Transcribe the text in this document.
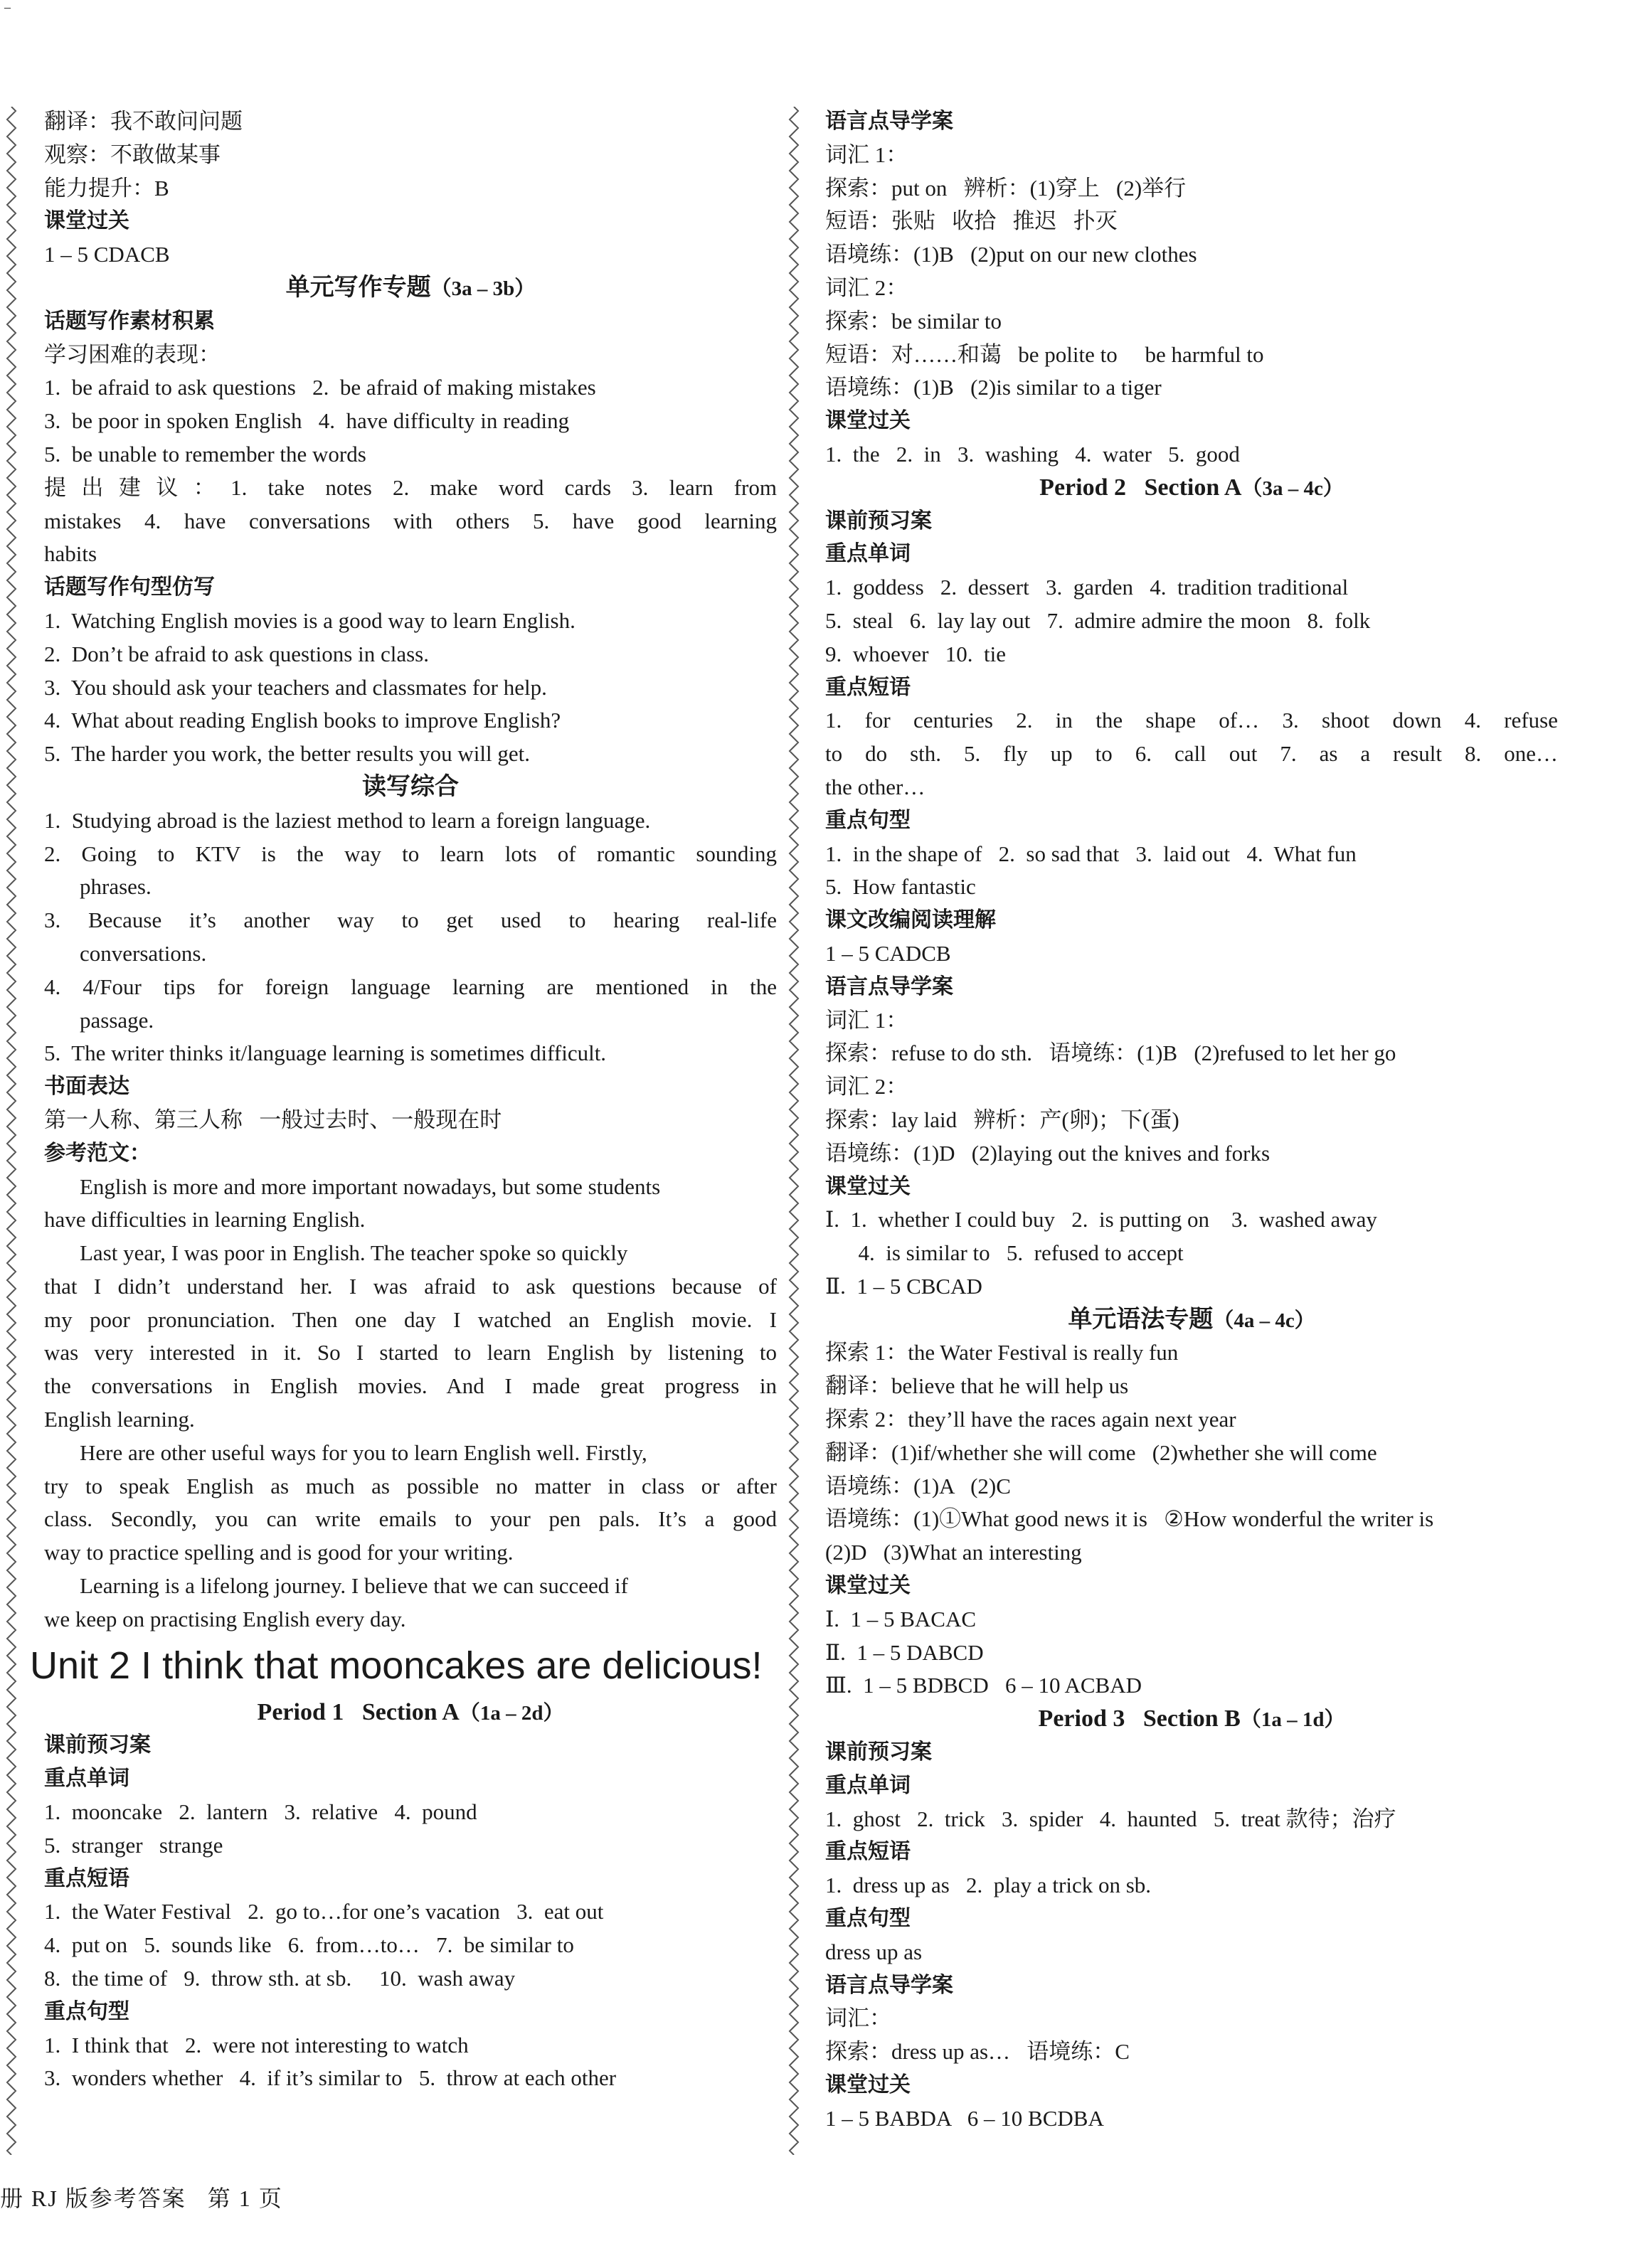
–
翻译：我不敢问问题
观察：不敢做某事
能力提升：B
课堂过关
1 – 5 CDACB
单元写作专题（3a – 3b）
话题写作素材积累
学习困难的表现：
1.  be afraid to ask questions   2.  be afraid of making mistakes
3.  be poor in spoken English   4.  have difficulty in reading
5.  be unable to remember the words
提出建议：1. take notes 2. make word cards 3. learn from
mistakes 4. have conversations with others 5. have good learning
habits
话题写作句型仿写
1.  Watching English movies is a good way to learn English.
2.  Don’t be afraid to ask questions in class.
3.  You should ask your teachers and classmates for help.
4.  What about reading English books to improve English?
5.  The harder you work, the better results you will get.
读写综合
1.  Studying abroad is the laziest method to learn a foreign language.
2. Going to KTV is the way to learn lots of romantic sounding
phrases.
3. Because it’s another way to get used to hearing real-life
conversations.
4. 4/Four tips for foreign language learning are mentioned in the
passage.
5.  The writer thinks it/language learning is sometimes difficult.
书面表达
第一人称、第三人称   一般过去时、一般现在时
参考范文：
English is more and more important nowadays, but some students
have difficulties in learning English.
Last year, I was poor in English. The teacher spoke so quickly
that I didn’t understand her. I was afraid to ask questions because of
my poor pronunciation. Then one day I watched an English movie. I
was very interested in it. So I started to learn English by listening to
the conversations in English movies. And I made great progress in
English learning.
Here are other useful ways for you to learn English well. Firstly,
try to speak English as much as possible no matter in class or after
class. Secondly, you can write emails to your pen pals. It’s a good
way to practice spelling and is good for your writing.
Learning is a lifelong journey. I believe that we can succeed if
we keep on practising English every day.
Unit 2 I think that mooncakes are delicious!
Period 1   Section A（1a – 2d）
课前预习案
重点单词
1.  mooncake   2.  lantern   3.  relative   4.  pound
5.  stranger   strange
重点短语
1.  the Water Festival   2.  go to…for one’s vacation   3.  eat out
4.  put on   5.  sounds like   6.  from…to…   7.  be similar to
8.  the time of   9.  throw sth. at sb.     10.  wash away
重点句型
1.  I think that   2.  were not interesting to watch
3.  wonders whether   4.  if it’s similar to   5.  throw at each other
语言点导学案
词汇 1：
探索：put on   辨析：(1)穿上   (2)举行
短语：张贴   收拾   推迟   扑灭
语境练：(1)B   (2)put on our new clothes
词汇 2：
探索：be similar to
短语：对……和蔼   be polite to     be harmful to
语境练：(1)B   (2)is similar to a tiger
课堂过关
1.  the   2.  in   3.  washing   4.  water   5.  good
Period 2   Section A（3a – 4c）
课前预习案
重点单词
1.  goddess   2.  dessert   3.  garden   4.  tradition traditional
5.  steal   6.  lay lay out   7.  admire admire the moon   8.  folk
9.  whoever   10.  tie
重点短语
1. for centuries 2. in the shape of… 3. shoot down 4. refuse
to do sth. 5. fly up to 6. call out 7. as a result 8. one…
the other…
重点句型
1.  in the shape of   2.  so sad that   3.  laid out   4.  What fun
5.  How fantastic
课文改编阅读理解
1 – 5 CADCB
语言点导学案
词汇 1：
探索：refuse to do sth.   语境练：(1)B   (2)refused to let her go
词汇 2：
探索：lay laid   辨析：产(卵)；下(蛋)
语境练：(1)D   (2)laying out the knives and forks
课堂过关
Ⅰ.  1.  whether I could buy   2.  is putting on    3.  washed away
4.  is similar to   5.  refused to accept
Ⅱ.  1 – 5 CBCAD
单元语法专题（4a – 4c）
探索 1：the Water Festival is really fun
翻译：believe that he will help us
探索 2：they’ll have the races again next year
翻译：(1)if/whether she will come   (2)whether she will come
语境练：(1)A   (2)C
语境练：(1)①What good news it is   ②How wonderful the writer is
(2)D   (3)What an interesting
课堂过关
Ⅰ.  1 – 5 BACAC
Ⅱ.  1 – 5 DABCD
Ⅲ.  1 – 5 BDBCD   6 – 10 ACBAD
Period 3   Section B（1a – 1d）
课前预习案
重点单词
1.  ghost   2.  trick   3.  spider   4.  haunted   5.  treat 款待；治疗
重点短语
1.  dress up as   2.  play a trick on sb.
重点句型
dress up as
语言点导学案
词汇：
探索：dress up as…   语境练：C
课堂过关
1 – 5 BABDA   6 – 10 BCDBA
册 RJ 版参考答案   第 1 页
